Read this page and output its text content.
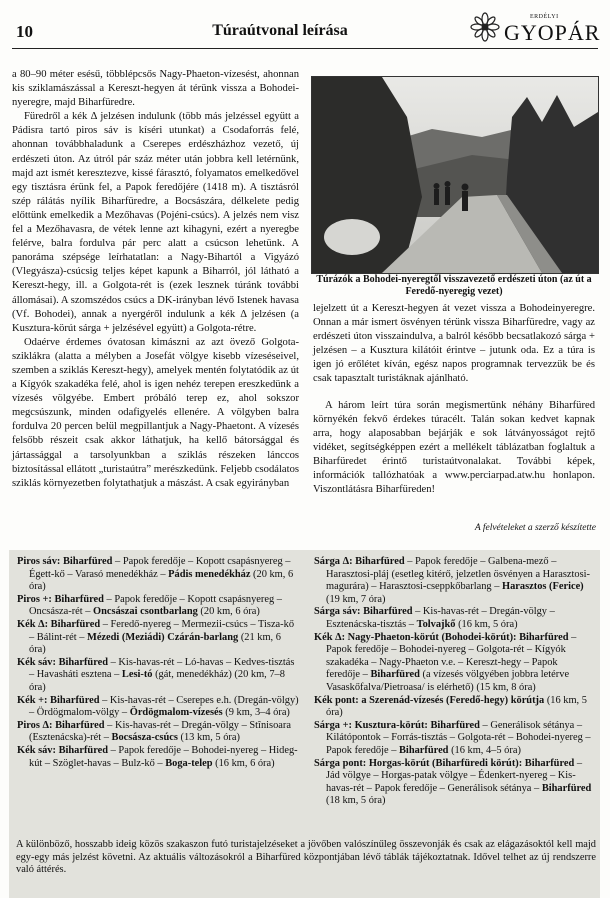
10	Túraútvonal leírása
ERDÉLYI
GYOPÁR

a 80–90 méter esésű, többlépcsős Nagy-Phaeton-vízesést, ahonnan kis sziklamászással a Kereszt-hegyen át térünk vissza a Bohodei-nyeregre, majd Biharfüredre.

Füredről a kék Δ jelzésen indulunk (több más jelzéssel együtt a Pádisra tartó piros sáv is kíséri utunkat) a Csodaforrás felé, ahonnan továbbhaladunk a Cserepes erdészházhoz vezető, új erdészeti úton. Az útról pár száz méter után jobbra kell letérnünk, majd azt ismét keresztezve, kissé fárasztó, folyamatos emelkedővel egy tisztásra érünk fel, a Papok feredőjére (1418 m). A tisztásról szép rálátás nyílik Biharfüredre, a Bocsászára, délkelete pedig előttünk emelkedik a Mezőhavas (Pojéni-csúcs). A jelzés nem visz fel a Mezőhavasra, de vétek lenne azt kihagyni, ezért a nyeregbe felérve, balra fordulva pár perc alatt a csúcson lehetünk. A panoráma szépsége leírhatatlan: a Nagy-Bihartól a Vigyázó (Vlegyásza)-csúcsig teljes képet kapunk a Biharról, jól látható a Kereszt-hegy, ill. a Golgota-rét is (ezek lesznek túránk további állomásai). A szomszédos csúcs a DK-irányban lévő Istenek havasa (Vf. Bohodei), annak a nyergéről indulunk a kék Δ jelzésen (a Kusztura-körút sárga + jelzésével együtt) a Golgota-rétre.

Odaérve érdemes óvatosan kimászni az azt övező Golgota-sziklákra (alatta a mélyben a Josefát völgye kisebb vízeséseivel, szemben a sziklás Kereszt-hegy), amelyek mentén folytatódik az út a Kígyók szakadéka felé, ahol is igen nehéz terepen ereszkedünk a vízesés völgyébe. Embert próbáló terep ez, ahol sokszor megcsúszunk, minden odafigyelés ellenére. A völgyben balra fordulva 20 percen belül megpillantjuk a Nagy-Phaetont. A vízesés felsőbb részeit csak akkor láthatjuk, ha kellő bátorsággal és jártassággal a tarsolyunkban a sziklás részeken lánccos biztosítással ellátott „turistaútra” merészkedünk. Feljebb csodálatos sziklás környezetben folytathatjuk a mászást. A csak egyirányban

Túrázók a Bohodei-nyeregtől visszavezető erdészeti úton (az út a Feredő-nyeregig vezet)

lejelzett út a Kereszt-hegyen át vezet vissza a Bohodeinyeregre. Onnan a már ismert ösvényen térünk vissza Biharfüredre, vagy az erdészeti úton visszaindulva, a balról később becsatlakozó sárga + jelzésen – a Kusztura kilátóit érintve – jutunk oda. Ez a túra is igen jó erőlétet kíván, egész napos programnak tervezzük be és csak tapasztalt turistáknak ajánlható.

A három leírt túra során megismertünk néhány Biharfüred környékén fekvő érdekes túracélt. Talán sokan kedvet kapnak arra, hogy alaposabban bejárják e sok látványosságot rejtő vidéket, segítségképpen ezért a mellékelt táblázatban foglaltuk a Biharfüredet érintő turistaútvonalakat. További képek, információk tallózhatóak a www.perciarpad.atw.hu honlapon. Viszontlátásra Biharfüreden!

A felvételeket a szerző készítette

Piros sáv: Biharfüred – Papok feredője – Kopott csapásnyereg – Égett-kő – Varasó menedékház – Pádis menedékház (20 km, 6 óra)

Piros +: Biharfüred – Papok feredője – Kopott csapásnyereg – Oncsásza-rét – Oncsászai csontbarlang (20 km, 6 óra)

Kék Δ: Biharfüred – Feredő-nyereg – Mermezii-csúcs – Tisza-kő – Bálint-rét – Mézedi (Meziádi) Czárán-barlang (21 km, 6 óra)

Kék sáv: Biharfüred – Kis-havas-rét – Ló-havas – Kedves-tisztás – Havasháti esztena – Lesi-tó (gát, menedékház) (20 km, 7–8 óra)

Kék +: Biharfüred – Kis-havas-rét – Cserepes e.h. (Dregán-völgy) – Ördögmalom-völgy – Ördögmalom-vízesés (9 km, 3–4 óra)

Piros Δ: Biharfüred – Kis-havas-rét – Dregán-völgy – Stînisoara (Esztenácska)-rét – Bocsásza-csúcs (13 km, 5 óra)

Kék sáv: Biharfüred – Papok feredője – Bohodei-nyereg – Hideg-kút – Szöglet-havas – Bulz-kő – Boga-telep (16 km, 6 óra)

Sárga Δ: Biharfüred – Papok feredője – Galbena-mező – Harasztosi-pláj (esetleg kitérő, jelzetlen ösvényen a Harasztosi-magurára) – Harasztosi-cseppkőbarlang – Harasztos (Ferice) (19 km, 7 óra)

Sárga sáv: Biharfüred – Kis-havas-rét – Dregán-völgy – Esztenácska-tisztás – Tolvajkő (16 km, 5 óra)

Kék Δ: Nagy-Phaeton-körút (Bohodei-körút): Biharfüred – Papok feredője – Bohodei-nyereg – Golgota-rét – Kígyók szakadéka – Nagy-Phaeton v.e. – Kereszt-hegy – Papok feredője – Biharfüred (a vízesés völgyében jobbra letérve Vasaskőfalva/Pietroasa/ is elérhető) (15 km, 8 óra)

Kék pont: a Szerenád-vízesés (Feredő-hegy) körútja (16 km, 5 óra)

Sárga +: Kusztura-körút: Biharfüred – Generálisok sétánya – Kilátópontok – Forrás-tisztás – Golgota-rét – Bohodei-nyereg – Papok feredője – Biharfüred (16 km, 4–5 óra)

Sárga pont: Horgas-körút (Biharfüredi körút): Biharfüred – Jád völgye – Horgas-patak völgye – Édenkert-nyereg – Kis-havas-rét – Papok feredője – Generálisok sétánya – Biharfüred (18 km, 5 óra)

A különböző, hosszabb ideig közös szakaszon futó turistajelzéseket a jövőben valószínűleg összevonják és csak az elágazásoktól kell majd egy-egy más jelzést követni. Az aktuális változásokról a Biharfüred központjában lévő táblák tájékoztatnak. Idővel telhet az új rendszerre való áttérés.
